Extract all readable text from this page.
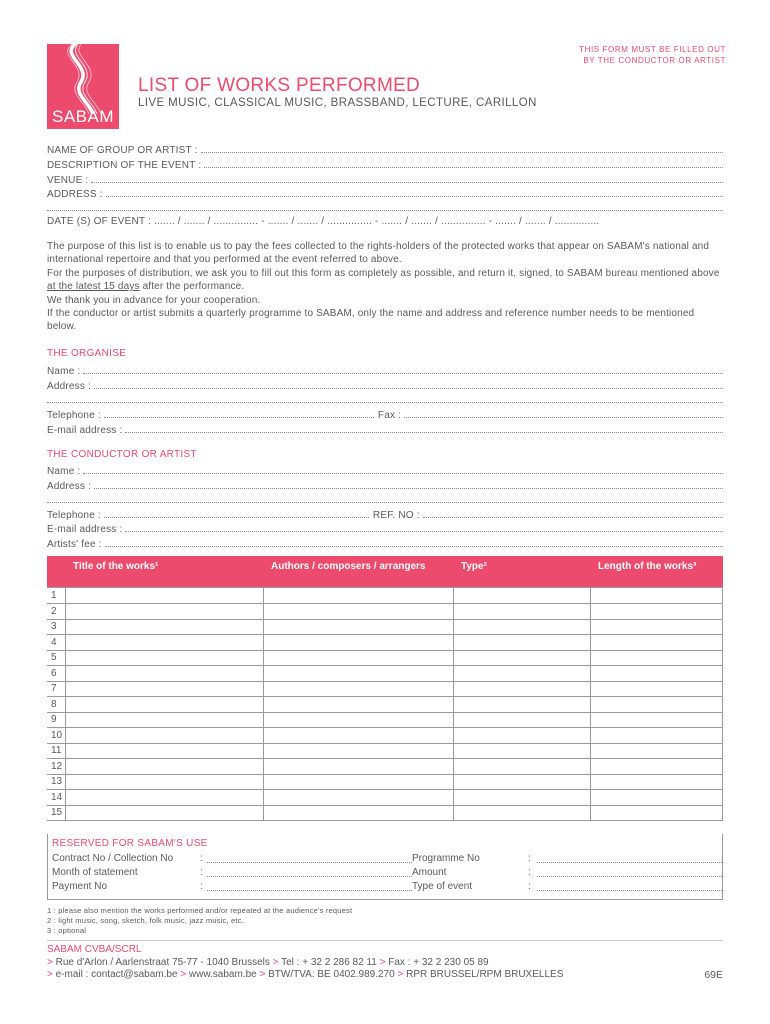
THIS FORM MUST BE FILLED OUT
BY THE CONDUCTOR OR ARTIST
SABAM
LIST OF WORKS PERFORMED
LIVE MUSIC, CLASSICAL MUSIC, BRASSBAND, LECTURE, CARILLON
NAME OF GROUP OR ARTIST :
DESCRIPTION OF THE EVENT :
VENUE :
ADDRESS :
DATE (S) OF EVENT : ....... / ....... / ............... - ....... / ....... / ............... - ....... / ....... / ............... - ....... / ....... / ...............

The purpose of this list is to enable us to pay the fees collected to the rights-holders of the protected works that appear on SABAM's national and international repertoire and that you performed at the event referred to above.

For the purposes of distribution, we ask you to fill out this form as completely as possible, and return it, signed, to SABAM bureau mentioned above at the latest 15 days after the performance.

We thank you in advance for your cooperation.

If the conductor or artist submits a quarterly programme to SABAM, only the name and address and reference number needs to be mentioned below.

THE ORGANISE
Name :
Address :
Telephone :	Fax :
E-mail address :
THE CONDUCTOR OR ARTIST
Name :
Address :
Telephone :	REF. NO :
E-mail address :
Artists' fee :
	Title of the works¹	Authors / composers / arrangers	Type²	Length of the works³
1				
2				
3				
4				
5				
6				
7				
8				
9				
10				
11				
12				
13				
14				
15				
RESERVED FOR SABAM'S USE
Contract No / Collection No	:	Programme No	:
Month of statement	:	Amount	:
Payment No	:	Type of event	:
1 : please also mention the works performed and/or repeated at the audience's request
2 : light music, song, sketch, folk music, jazz music, etc.
3 : optional
SABAM CVBA/SCRL
> Rue d'Arlon / Aarlenstraat 75-77 - 1040 Brussels > Tel : + 32 2 286 82 11 > Fax : + 32 2 230 05 89
> e-mail : contact@sabam.be > www.sabam.be > BTW/TVA: BE 0402.989.270 > RPR BRUSSEL/RPM BRUXELLES	69E
